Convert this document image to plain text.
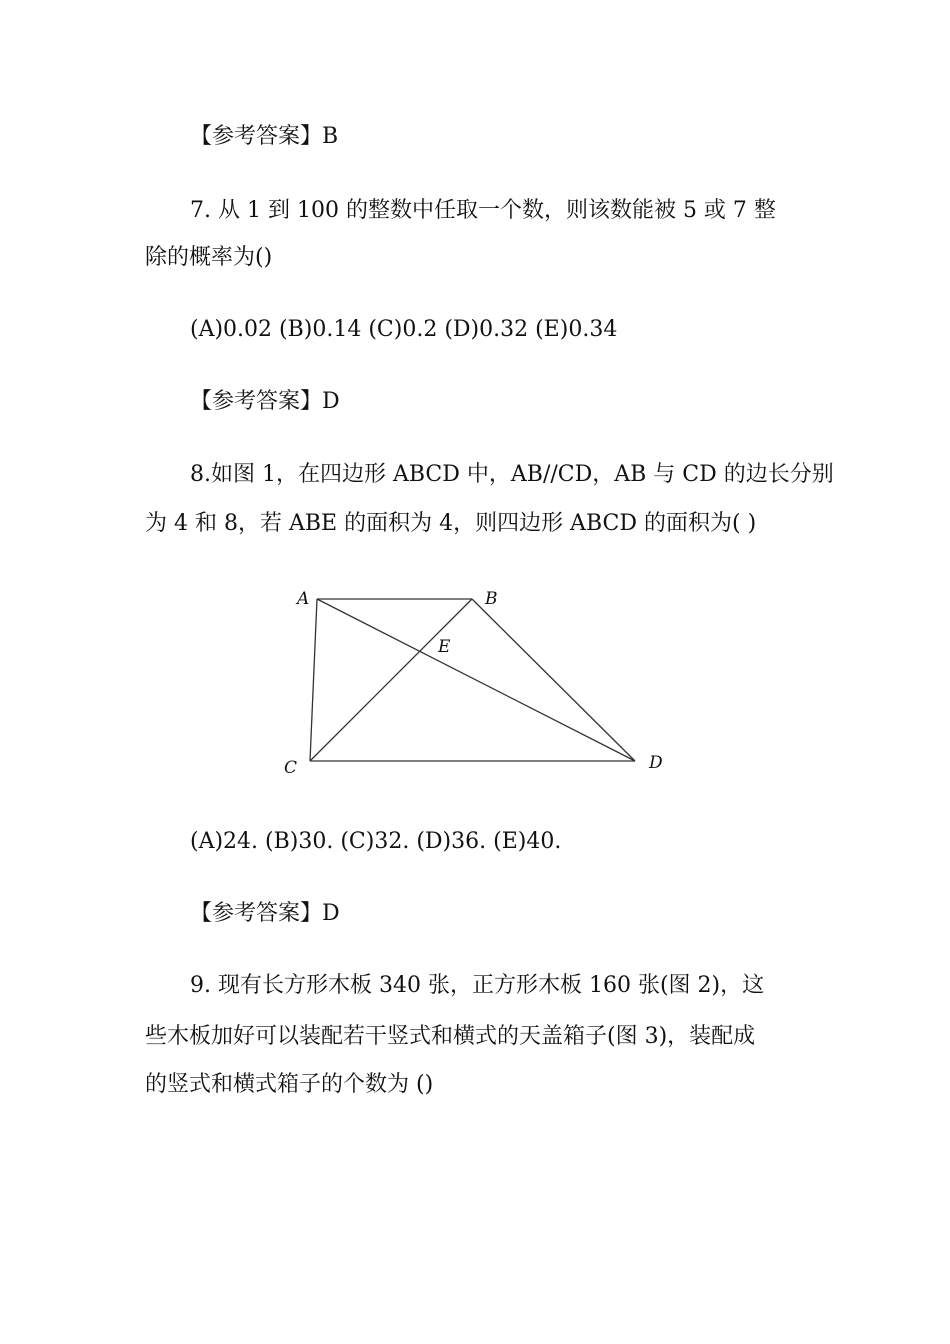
【参考答案】B
7. 从 1 到 100 的整数中任取一个数，则该数能被 5 或 7 整
除的概率为()
(A)0.02 (B)0.14 (C)0.2 (D)0.32 (E)0.34
【参考答案】D
8.如图 1，在四边形 ABCD 中，AB//CD，AB 与 CD 的边长分别
为 4 和 8，若 ABE 的面积为 4，则四边形 ABCD 的面积为( )
A	B
C	D
E
(A)24. (B)30. (C)32. (D)36. (E)40.
【参考答案】D
9. 现有长方形木板 340 张，正方形木板 160 张(图 2)，这
些木板加好可以装配若干竖式和横式的天盖箱子(图 3)，装配成
的竖式和横式箱子的个数为 ()
